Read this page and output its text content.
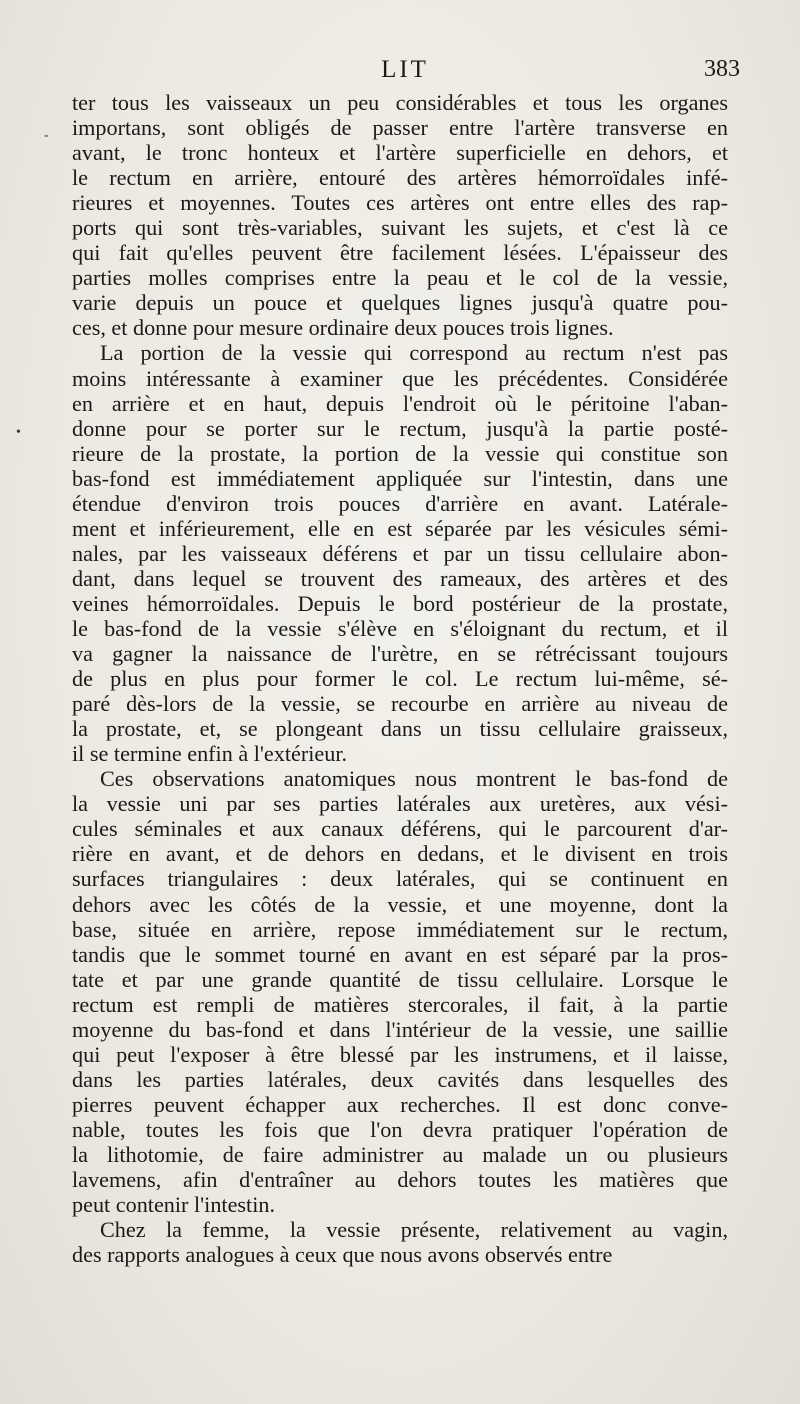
LIT	383
-
•
ter tous les vaisseaux un peu considérables et tous les organes
importans, sont obligés de passer entre l'artère transverse en
avant, le tronc honteux et l'artère superficielle en dehors, et
le rectum en arrière, entouré des artères hémorroïdales infé-
rieures et moyennes. Toutes ces artères ont entre elles des rap-
ports qui sont très-variables, suivant les sujets, et c'est là ce
qui fait qu'elles peuvent être facilement lésées. L'épaisseur des
parties molles comprises entre la peau et le col de la vessie,
varie depuis un pouce et quelques lignes jusqu'à quatre pou-
ces, et donne pour mesure ordinaire deux pouces trois lignes.
La portion de la vessie qui correspond au rectum n'est pas
moins intéressante à examiner que les précédentes. Considérée
en arrière et en haut, depuis l'endroit où le péritoine l'aban-
donne pour se porter sur le rectum, jusqu'à la partie posté-
rieure de la prostate, la portion de la vessie qui constitue son
bas-fond est immédiatement appliquée sur l'intestin, dans une
étendue d'environ trois pouces d'arrière en avant. Latérale-
ment et inférieurement, elle en est séparée par les vésicules sémi-
nales, par les vaisseaux déférens et par un tissu cellulaire abon-
dant, dans lequel se trouvent des rameaux, des artères et des
veines hémorroïdales. Depuis le bord postérieur de la prostate,
le bas-fond de la vessie s'élève en s'éloignant du rectum, et il
va gagner la naissance de l'urètre, en se rétrécissant toujours
de plus en plus pour former le col. Le rectum lui-même, sé-
paré dès-lors de la vessie, se recourbe en arrière au niveau de
la prostate, et, se plongeant dans un tissu cellulaire graisseux,
il se termine enfin à l'extérieur.
Ces observations anatomiques nous montrent le bas-fond de
la vessie uni par ses parties latérales aux uretères, aux vési-
cules séminales et aux canaux déférens, qui le parcourent d'ar-
rière en avant, et de dehors en dedans, et le divisent en trois
surfaces triangulaires : deux latérales, qui se continuent en
dehors avec les côtés de la vessie, et une moyenne, dont la
base, située en arrière, repose immédiatement sur le rectum,
tandis que le sommet tourné en avant en est séparé par la pros-
tate et par une grande quantité de tissu cellulaire. Lorsque le
rectum est rempli de matières stercorales, il fait, à la partie
moyenne du bas-fond et dans l'intérieur de la vessie, une saillie
qui peut l'exposer à être blessé par les instrumens, et il laisse,
dans les parties latérales, deux cavités dans lesquelles des
pierres peuvent échapper aux recherches. Il est donc conve-
nable, toutes les fois que l'on devra pratiquer l'opération de
la lithotomie, de faire administrer au malade un ou plusieurs
lavemens, afin d'entraîner au dehors toutes les matières que
peut contenir l'intestin.
Chez la femme, la vessie présente, relativement au vagin,
des rapports analogues à ceux que nous avons observés entre
